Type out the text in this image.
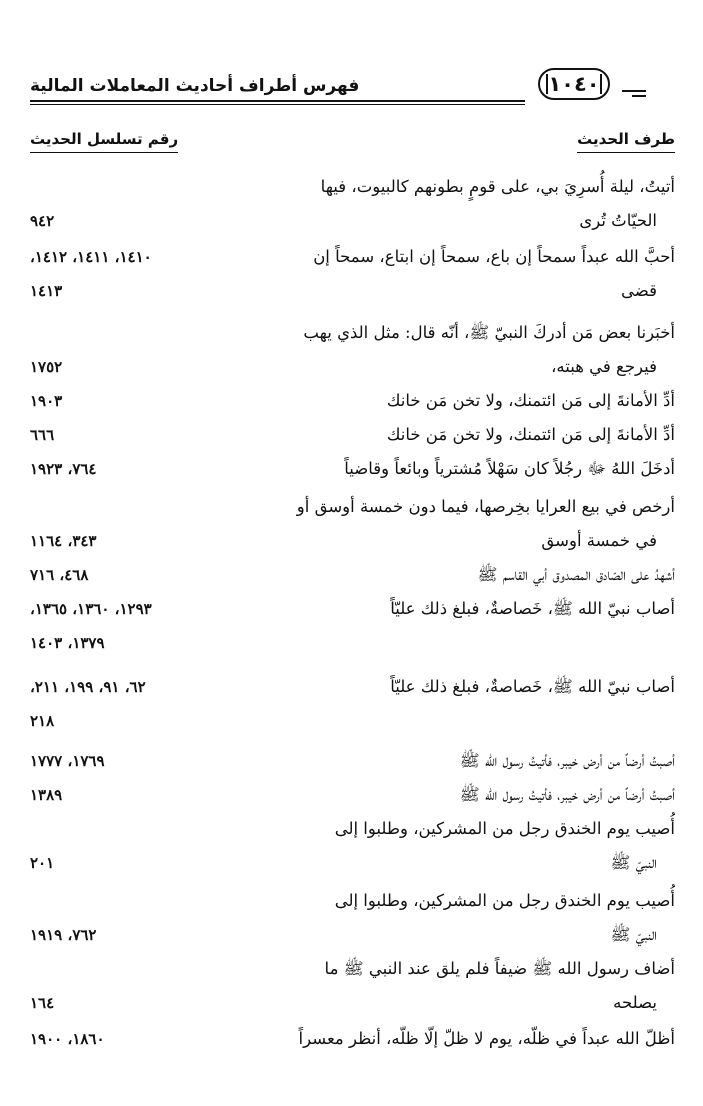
فهرس أطراف أحاديث المعاملات المالية	١٠٤٠
طرف الحديث
رقم تسلسل الحديث
أتيتُ، ليلة أُسرِيَ بي، على قومٍ بطونهم كالبيوت، فيها
الحيّاتُ تُرى

٩٤٢
أحبَّ الله عبداً سمحاً إن باع، سمحاً إن ابتاع، سمحاً إن
قضى
١٤١٠، ١٤١١، ١٤١٢،
١٤١٣
أخبَرنا بعض مَن أدركَ النبيّ ﷺ، أنّه قال: مثل الذي يهب
فيرجع في هبته،

١٧٥٢
أدِّ الأمانةَ إلى مَن ائتمنك، ولا تخن مَن خانك
١٩٠٣
أدِّ الأمانةَ إلى مَن ائتمنك، ولا تخن مَن خانك
٦٦٦
أدخَلَ اللهُ ﷻ رجُلاً كان سَهْلاً مُشترياً وبائعاً وقاضياً
٧٦٤، ١٩٢٣
أرخص في بيع العرايا بخِرصها، فيما دون خمسة أوسق أو
في خمسة أوسق

٣٤٣، ١١٦٤
أشهدُ على الصّادق المصدوق أبي القاسم ﷺ
٤٦٨، ٧١٦
أصاب نبيّ الله ﷺ، خَصاصةٌ، فبلغ ذلك عليّاً
١٢٩٣، ١٣٦٠، ١٣٦٥،
١٣٧٩، ١٤٠٣
أصاب نبيّ الله ﷺ، خَصاصةٌ، فبلغ ذلك عليّاً
٦٢، ٩١، ١٩٩، ٢١١،
٢١٨
أصبتُ أرضاً من أرض خيبر، فأتيتُ رسول الله ﷺ
١٧٦٩، ١٧٧٧
أصبتُ أرضاً من أرض خيبر، فأتيتُ رسول الله ﷺ
١٣٨٩
أُصيب يوم الخندق رجل من المشركين، وطلبوا إلى
النبيّ ﷺ

٢٠١
أُصيب يوم الخندق رجل من المشركين، وطلبوا إلى
النبيّ ﷺ

٧٦٢، ١٩١٩
أضاف رسول الله ﷺ ضيفاً فلم يلق عند النبي ﷺ ما
يصلحه

١٦٤
أظلّ الله عبداً في ظلّه، يوم لا ظلّ إلّا ظلّه، أنظر معسراً
١٨٦٠، ١٩٠٠
